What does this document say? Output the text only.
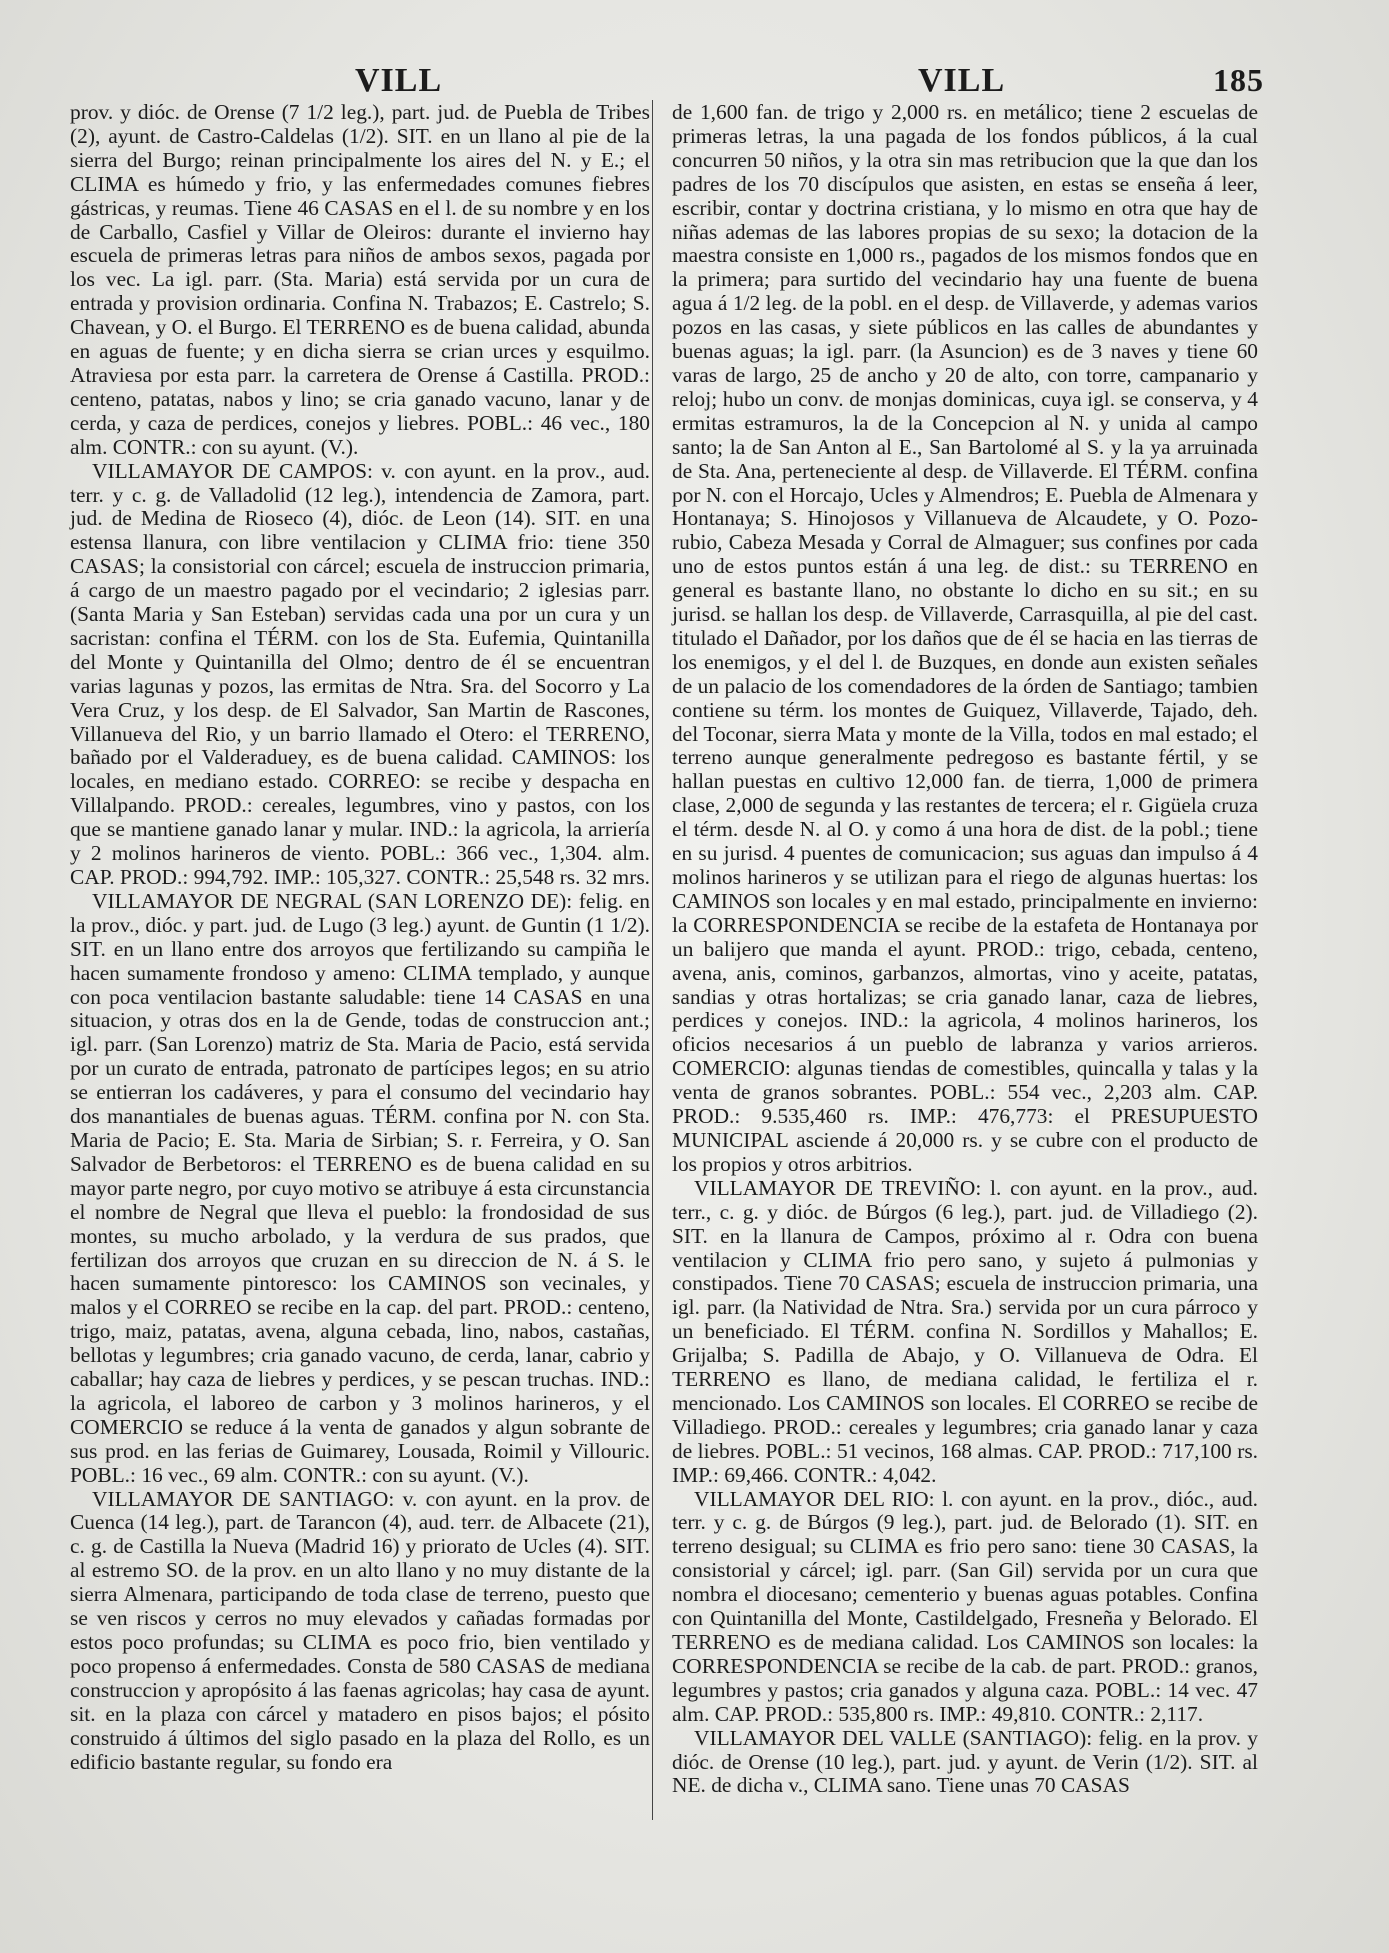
VILL	VILL	185

prov. y dióc. de Orense (7 1/2 leg.), part. jud. de Puebla de Tribes (2), ayunt. de Castro-Caldelas (1/2). SIT. en un llano al pie de la sierra del Burgo; reinan principalmente los aires del N. y E.; el CLIMA es húmedo y frio, y las enfermedades comunes fiebres gástricas, y reumas. Tiene 46 CASAS en el l. de su nombre y en los de Carballo, Casfiel y Villar de Oleiros: durante el invierno hay escuela de primeras letras para niños de ambos sexos, pagada por los vec. La igl. parr. (Sta. Maria) está servida por un cura de entrada y provision ordinaria. Confina N. Trabazos; E. Castrelo; S. Chavean, y O. el Burgo. El TERRENO es de buena calidad, abunda en aguas de fuente; y en dicha sierra se crian urces y esquilmo. Atraviesa por esta parr. la carretera de Orense á Castilla. PROD.: centeno, patatas, nabos y lino; se cria ganado vacuno, lanar y de cerda, y caza de perdices, conejos y liebres. POBL.: 46 vec., 180 alm. CONTR.: con su ayunt. (V.).

VILLAMAYOR DE CAMPOS: v. con ayunt. en la prov., aud. terr. y c. g. de Valladolid (12 leg.), intendencia de Zamora, part. jud. de Medina de Rioseco (4), dióc. de Leon (14). SIT. en una estensa llanura, con libre ventilacion y CLIMA frio: tiene 350 CASAS; la consistorial con cárcel; escuela de instruccion primaria, á cargo de un maestro pagado por el vecindario; 2 iglesias parr. (Santa Maria y San Esteban) servidas cada una por un cura y un sacristan: confina el TÉRM. con los de Sta. Eufemia, Quintanilla del Monte y Quintanilla del Olmo; dentro de él se encuentran varias lagunas y pozos, las ermitas de Ntra. Sra. del Socorro y La Vera Cruz, y los desp. de El Salvador, San Martin de Rascones, Villanueva del Rio, y un barrio llamado el Otero: el TERRENO, bañado por el Valderaduey, es de buena calidad. CAMINOS: los locales, en mediano estado. CORREO: se recibe y despacha en Villalpando. PROD.: cereales, legumbres, vino y pastos, con los que se mantiene ganado lanar y mular. IND.: la agricola, la arriería y 2 molinos harineros de viento. POBL.: 366 vec., 1,304. alm. CAP. PROD.: 994,792. IMP.: 105,327. CONTR.: 25,548 rs. 32 mrs.

VILLAMAYOR DE NEGRAL (SAN LORENZO DE): felig. en la prov., dióc. y part. jud. de Lugo (3 leg.) ayunt. de Guntin (1 1/2). SIT. en un llano entre dos arroyos que fertilizando su campiña le hacen sumamente frondoso y ameno: CLIMA templado, y aunque con poca ventilacion bastante saludable: tiene 14 CASAS en una situacion, y otras dos en la de Gende, todas de construccion ant.; igl. parr. (San Lorenzo) matriz de Sta. Maria de Pacio, está servida por un curato de entrada, patronato de partícipes legos; en su atrio se entierran los cadáveres, y para el consumo del vecindario hay dos manantiales de buenas aguas. TÉRM. confina por N. con Sta. Maria de Pacio; E. Sta. Maria de Sirbian; S. r. Ferreira, y O. San Salvador de Berbetoros: el TERRENO es de buena calidad en su mayor parte negro, por cuyo motivo se atribuye á esta circunstancia el nombre de Negral que lleva el pueblo: la frondosidad de sus montes, su mucho arbolado, y la verdura de sus prados, que fertilizan dos arroyos que cruzan en su direccion de N. á S. le hacen sumamente pintoresco: los CAMINOS son vecinales, y malos y el CORREO se recibe en la cap. del part. PROD.: centeno, trigo, maiz, patatas, avena, alguna cebada, lino, nabos, castañas, bellotas y legumbres; cria ganado vacuno, de cerda, lanar, cabrio y caballar; hay caza de liebres y perdices, y se pescan truchas. IND.: la agricola, el laboreo de carbon y 3 molinos harineros, y el COMERCIO se reduce á la venta de ganados y algun sobrante de sus prod. en las ferias de Guimarey, Lousada, Roimil y Villouric. POBL.: 16 vec., 69 alm. CONTR.: con su ayunt. (V.).

VILLAMAYOR DE SANTIAGO: v. con ayunt. en la prov. de Cuenca (14 leg.), part. de Tarancon (4), aud. terr. de Albacete (21), c. g. de Castilla la Nueva (Madrid 16) y priorato de Ucles (4). SIT. al estremo SO. de la prov. en un alto llano y no muy distante de la sierra Almenara, participando de toda clase de terreno, puesto que se ven riscos y cerros no muy elevados y cañadas formadas por estos poco profundas; su CLIMA es poco frio, bien ventilado y poco propenso á enfermedades. Consta de 580 CASAS de mediana construccion y apropósito á las faenas agricolas; hay casa de ayunt. sit. en la plaza con cárcel y matadero en pisos bajos; el pósito construido á últimos del siglo pasado en la plaza del Rollo, es un edificio bastante regular, su fondo era

de 1,600 fan. de trigo y 2,000 rs. en metálico; tiene 2 escuelas de primeras letras, la una pagada de los fondos públicos, á la cual concurren 50 niños, y la otra sin mas retribucion que la que dan los padres de los 70 discípulos que asisten, en estas se enseña á leer, escribir, contar y doctrina cristiana, y lo mismo en otra que hay de niñas ademas de las labores propias de su sexo; la dotacion de la maestra consiste en 1,000 rs., pagados de los mismos fondos que en la primera; para surtido del vecindario hay una fuente de buena agua á 1/2 leg. de la pobl. en el desp. de Villaverde, y ademas varios pozos en las casas, y siete públicos en las calles de abundantes y buenas aguas; la igl. parr. (la Asuncion) es de 3 naves y tiene 60 varas de largo, 25 de ancho y 20 de alto, con torre, campanario y reloj; hubo un conv. de monjas dominicas, cuya igl. se conserva, y 4 ermitas estramuros, la de la Concepcion al N. y unida al campo santo; la de San Anton al E., San Bartolomé al S. y la ya arruinada de Sta. Ana, perteneciente al desp. de Villaverde. El TÉRM. confina por N. con el Horcajo, Ucles y Almendros; E. Puebla de Almenara y Hontanaya; S. Hinojosos y Villanueva de Alcaudete, y O. Pozo-rubio, Cabeza Mesada y Corral de Almaguer; sus confines por cada uno de estos puntos están á una leg. de dist.: su TERRENO en general es bastante llano, no obstante lo dicho en su sit.; en su jurisd. se hallan los desp. de Villaverde, Carrasquilla, al pie del cast. titulado el Dañador, por los daños que de él se hacia en las tierras de los enemigos, y el del l. de Buzques, en donde aun existen señales de un palacio de los comendadores de la órden de Santiago; tambien contiene su térm. los montes de Guiquez, Villaverde, Tajado, deh. del Toconar, sierra Mata y monte de la Villa, todos en mal estado; el terreno aunque generalmente pedregoso es bastante fértil, y se hallan puestas en cultivo 12,000 fan. de tierra, 1,000 de primera clase, 2,000 de segunda y las restantes de tercera; el r. Gigüela cruza el térm. desde N. al O. y como á una hora de dist. de la pobl.; tiene en su jurisd. 4 puentes de comunicacion; sus aguas dan impulso á 4 molinos harineros y se utilizan para el riego de algunas huertas: los CAMINOS son locales y en mal estado, principalmente en invierno: la CORRESPONDENCIA se recibe de la estafeta de Hontanaya por un balijero que manda el ayunt. PROD.: trigo, cebada, centeno, avena, anis, cominos, garbanzos, almortas, vino y aceite, patatas, sandias y otras hortalizas; se cria ganado lanar, caza de liebres, perdices y conejos. IND.: la agricola, 4 molinos harineros, los oficios necesarios á un pueblo de labranza y varios arrieros. COMERCIO: algunas tiendas de comestibles, quincalla y talas y la venta de granos sobrantes. POBL.: 554 vec., 2,203 alm. CAP. PROD.: 9.535,460 rs. IMP.: 476,773: el PRESUPUESTO MUNICIPAL asciende á 20,000 rs. y se cubre con el producto de los propios y otros arbitrios.

VILLAMAYOR DE TREVIÑO: l. con ayunt. en la prov., aud. terr., c. g. y dióc. de Búrgos (6 leg.), part. jud. de Villadiego (2). SIT. en la llanura de Campos, próximo al r. Odra con buena ventilacion y CLIMA frio pero sano, y sujeto á pulmonias y constipados. Tiene 70 CASAS; escuela de instruccion primaria, una igl. parr. (la Natividad de Ntra. Sra.) servida por un cura párroco y un beneficiado. El TÉRM. confina N. Sordillos y Mahallos; E. Grijalba; S. Padilla de Abajo, y O. Villanueva de Odra. El TERRENO es llano, de mediana calidad, le fertiliza el r. mencionado. Los CAMINOS son locales. El CORREO se recibe de Villadiego. PROD.: cereales y legumbres; cria ganado lanar y caza de liebres. POBL.: 51 vecinos, 168 almas. CAP. PROD.: 717,100 rs. IMP.: 69,466. CONTR.: 4,042.

VILLAMAYOR DEL RIO: l. con ayunt. en la prov., dióc., aud. terr. y c. g. de Búrgos (9 leg.), part. jud. de Belorado (1). SIT. en terreno desigual; su CLIMA es frio pero sano: tiene 30 CASAS, la consistorial y cárcel; igl. parr. (San Gil) servida por un cura que nombra el diocesano; cementerio y buenas aguas potables. Confina con Quintanilla del Monte, Castildelgado, Fresneña y Belorado. El TERRENO es de mediana calidad. Los CAMINOS son locales: la CORRESPONDENCIA se recibe de la cab. de part. PROD.: granos, legumbres y pastos; cria ganados y alguna caza. POBL.: 14 vec. 47 alm. CAP. PROD.: 535,800 rs. IMP.: 49,810. CONTR.: 2,117.

VILLAMAYOR DEL VALLE (SANTIAGO): felig. en la prov. y dióc. de Orense (10 leg.), part. jud. y ayunt. de Verin (1/2). SIT. al NE. de dicha v., CLIMA sano. Tiene unas 70 CASAS
